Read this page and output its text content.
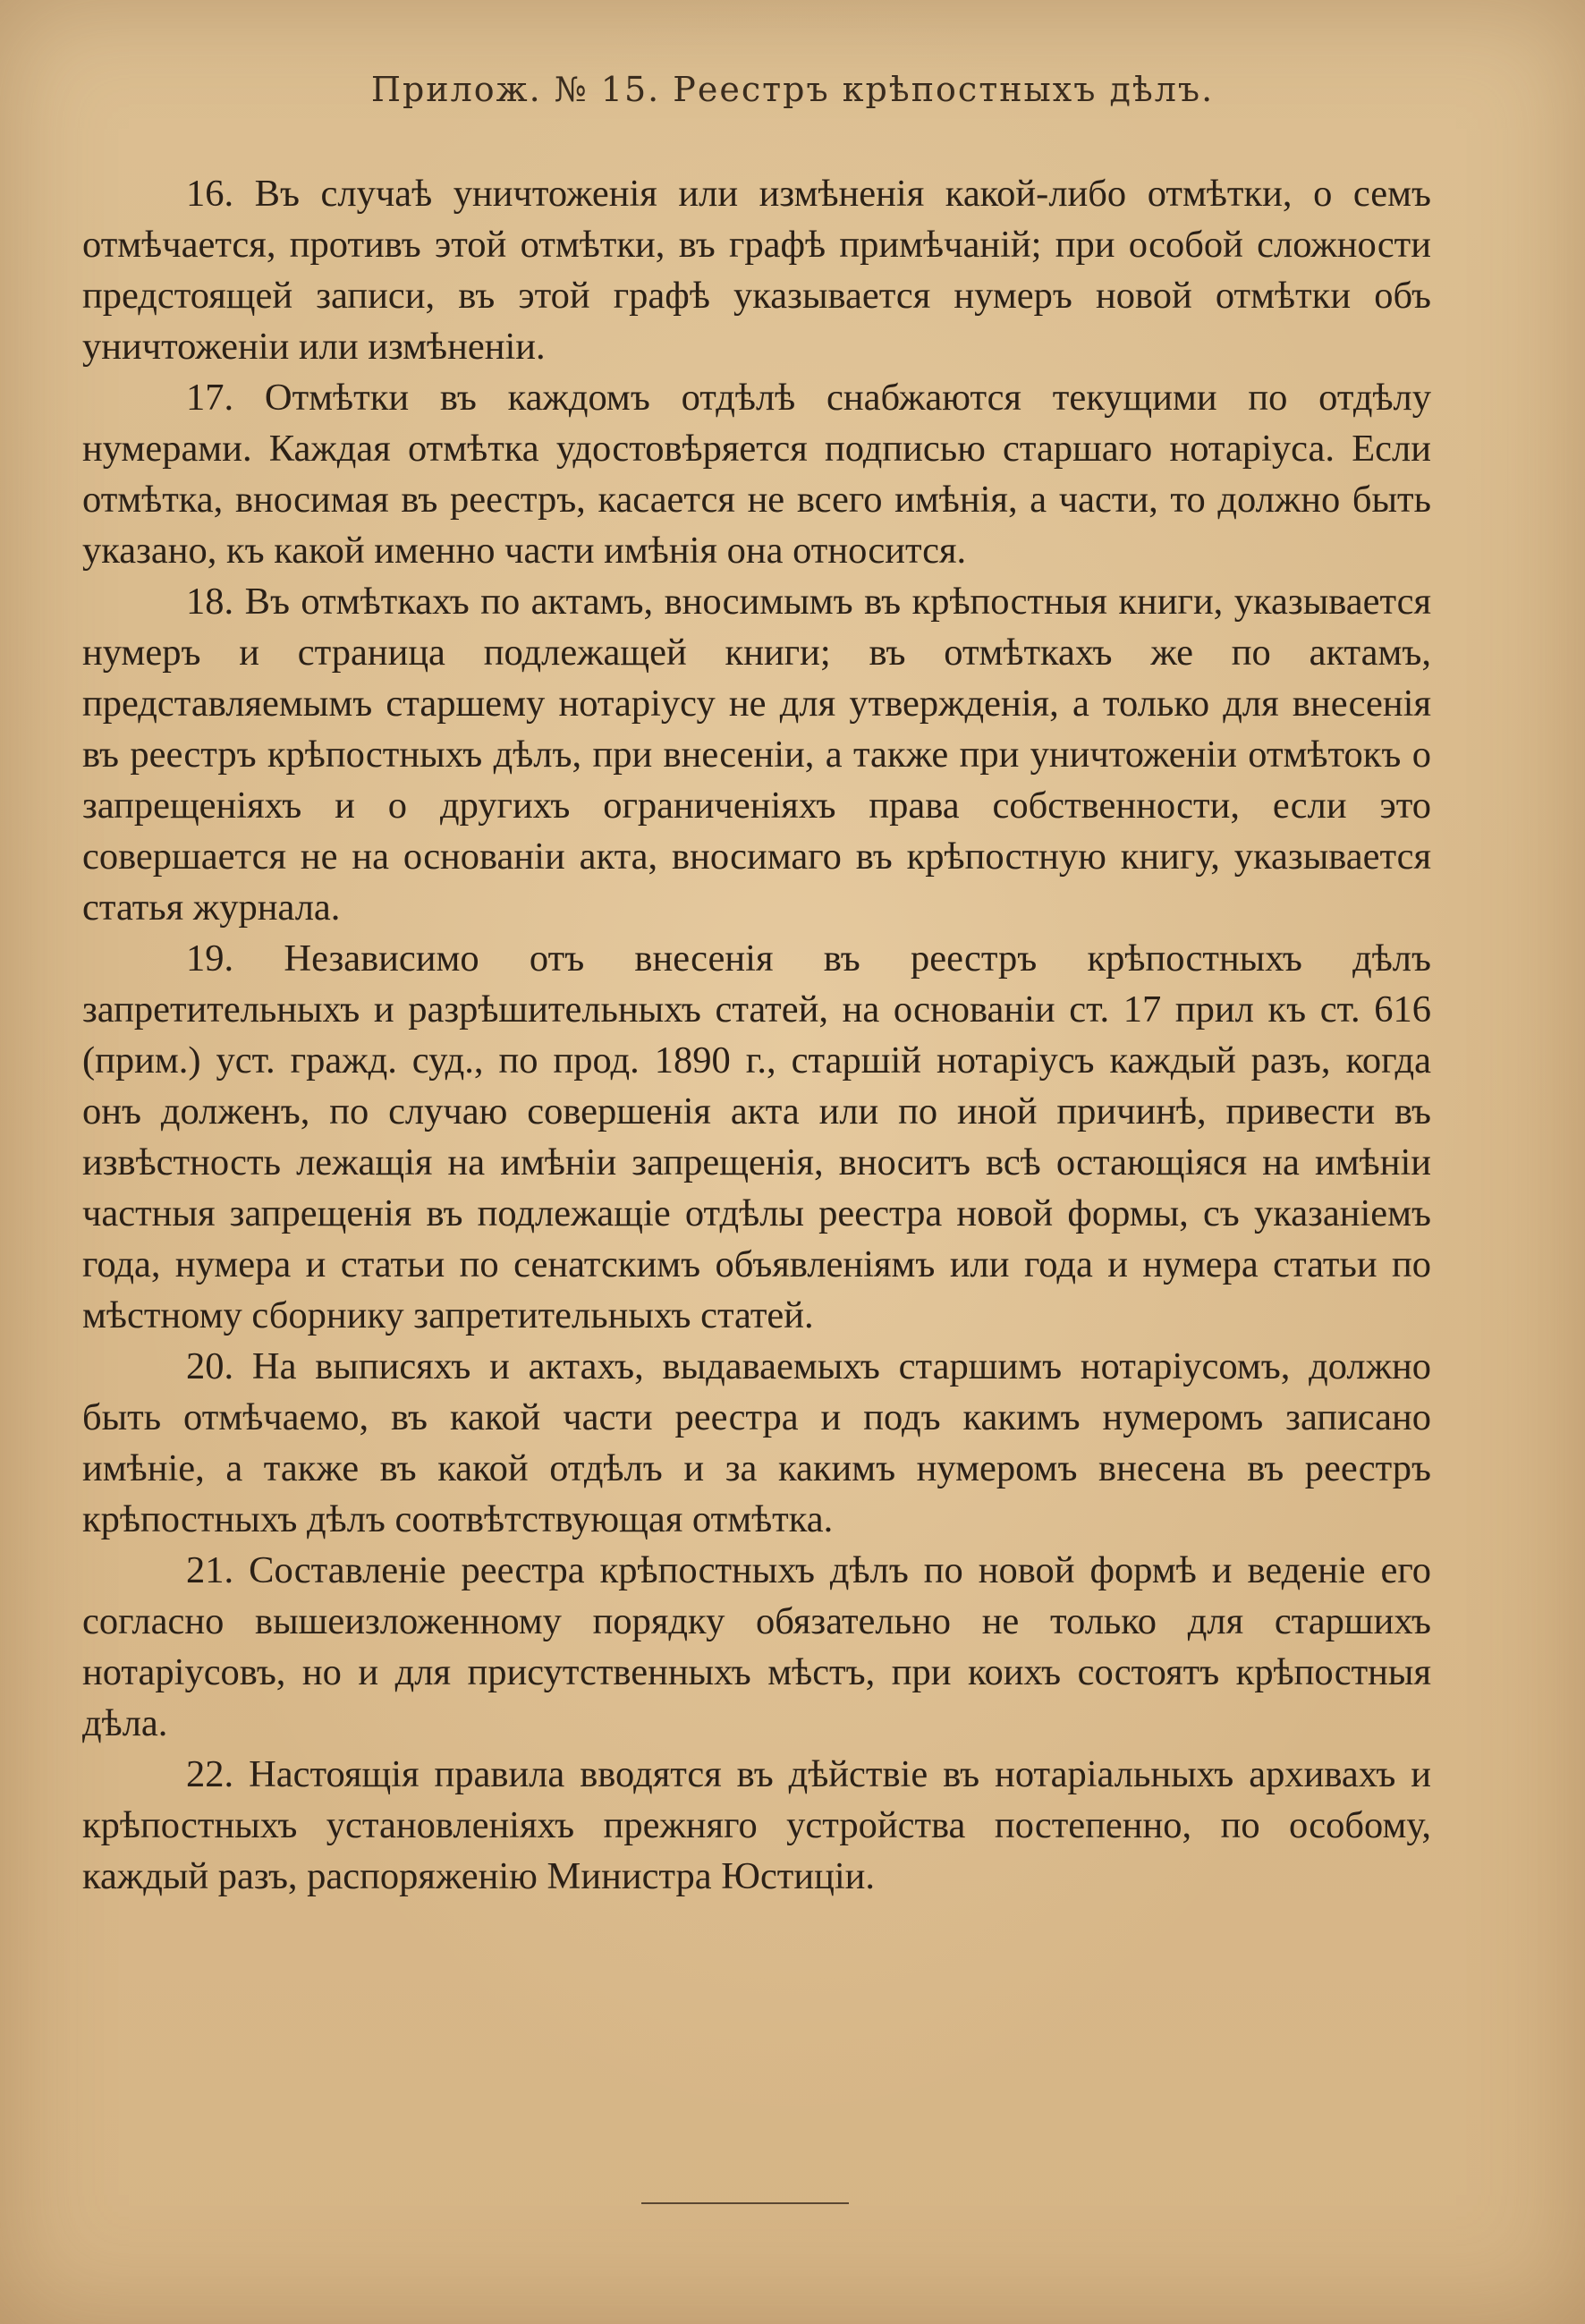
Прилож. № 15. Реестръ крѣпостныхъ дѣлъ.

16. Въ случаѣ уничтоженія или измѣненія какой-либо отмѣтки, о семъ отмѣчается, противъ этой отмѣтки, въ графѣ примѣчаній; при особой сложности предстоящей записи, въ этой графѣ указывается нумеръ новой отмѣтки объ уничтоженіи или измѣненіи.

17. Отмѣтки въ каждомъ отдѣлѣ снабжаются текущими по отдѣлу нумерами. Каждая отмѣтка удостовѣряется подписью старшаго нотаріуса. Если отмѣтка, вносимая въ реестръ, касается не всего имѣнія, а части, то должно быть указано, къ какой именно части имѣнія она относится.

18. Въ отмѣткахъ по актамъ, вносимымъ въ крѣпостныя книги, указывается нумеръ и страница подлежащей книги; въ отмѣткахъ же по актамъ, представляемымъ старшему нотаріусу не для утвержденія, а только для внесенія въ реестръ крѣпостныхъ дѣлъ, при внесеніи, а также при уничтоженіи отмѣтокъ о запрещеніяхъ и о другихъ ограниченіяхъ права собственности, если это совершается не на основаніи акта, вносимаго въ крѣпостную книгу, указывается статья журнала.

19. Независимо отъ внесенія въ реестръ крѣпостныхъ дѣлъ запретительныхъ и разрѣшительныхъ статей, на основаніи ст. 17 прил къ ст. 616 (прим.) уст. гражд. суд., по прод. 1890 г., старшій нотаріусъ каждый разъ, когда онъ долженъ, по случаю совершенія акта или по иной причинѣ, привести въ извѣстность лежащія на имѣніи запрещенія, вноситъ всѣ остающіяся на имѣніи частныя запрещенія въ подлежащіе отдѣлы реестра новой формы, съ указаніемъ года, нумера и статьи по сенатскимъ объявленіямъ или года и нумера статьи по мѣстному сборнику запретительныхъ статей.

20. На выписяхъ и актахъ, выдаваемыхъ старшимъ нотаріусомъ, должно быть отмѣчаемо, въ какой части реестра и подъ какимъ нумеромъ записано имѣніе, а также въ какой отдѣлъ и за какимъ нумеромъ внесена въ реестръ крѣпостныхъ дѣлъ соотвѣтствующая отмѣтка.

21. Составленіе реестра крѣпостныхъ дѣлъ по новой формѣ и веденіе его согласно вышеизложенному порядку обязательно не только для старшихъ нотаріусовъ, но и для присутственныхъ мѣстъ, при коихъ состоятъ крѣпостныя дѣла.

22. Настоящія правила вводятся въ дѣйствіе въ нотаріальныхъ архивахъ и крѣпостныхъ установленіяхъ прежняго устройства постепенно, по особому, каждый разъ, распоряженію Министра Юстиціи.
